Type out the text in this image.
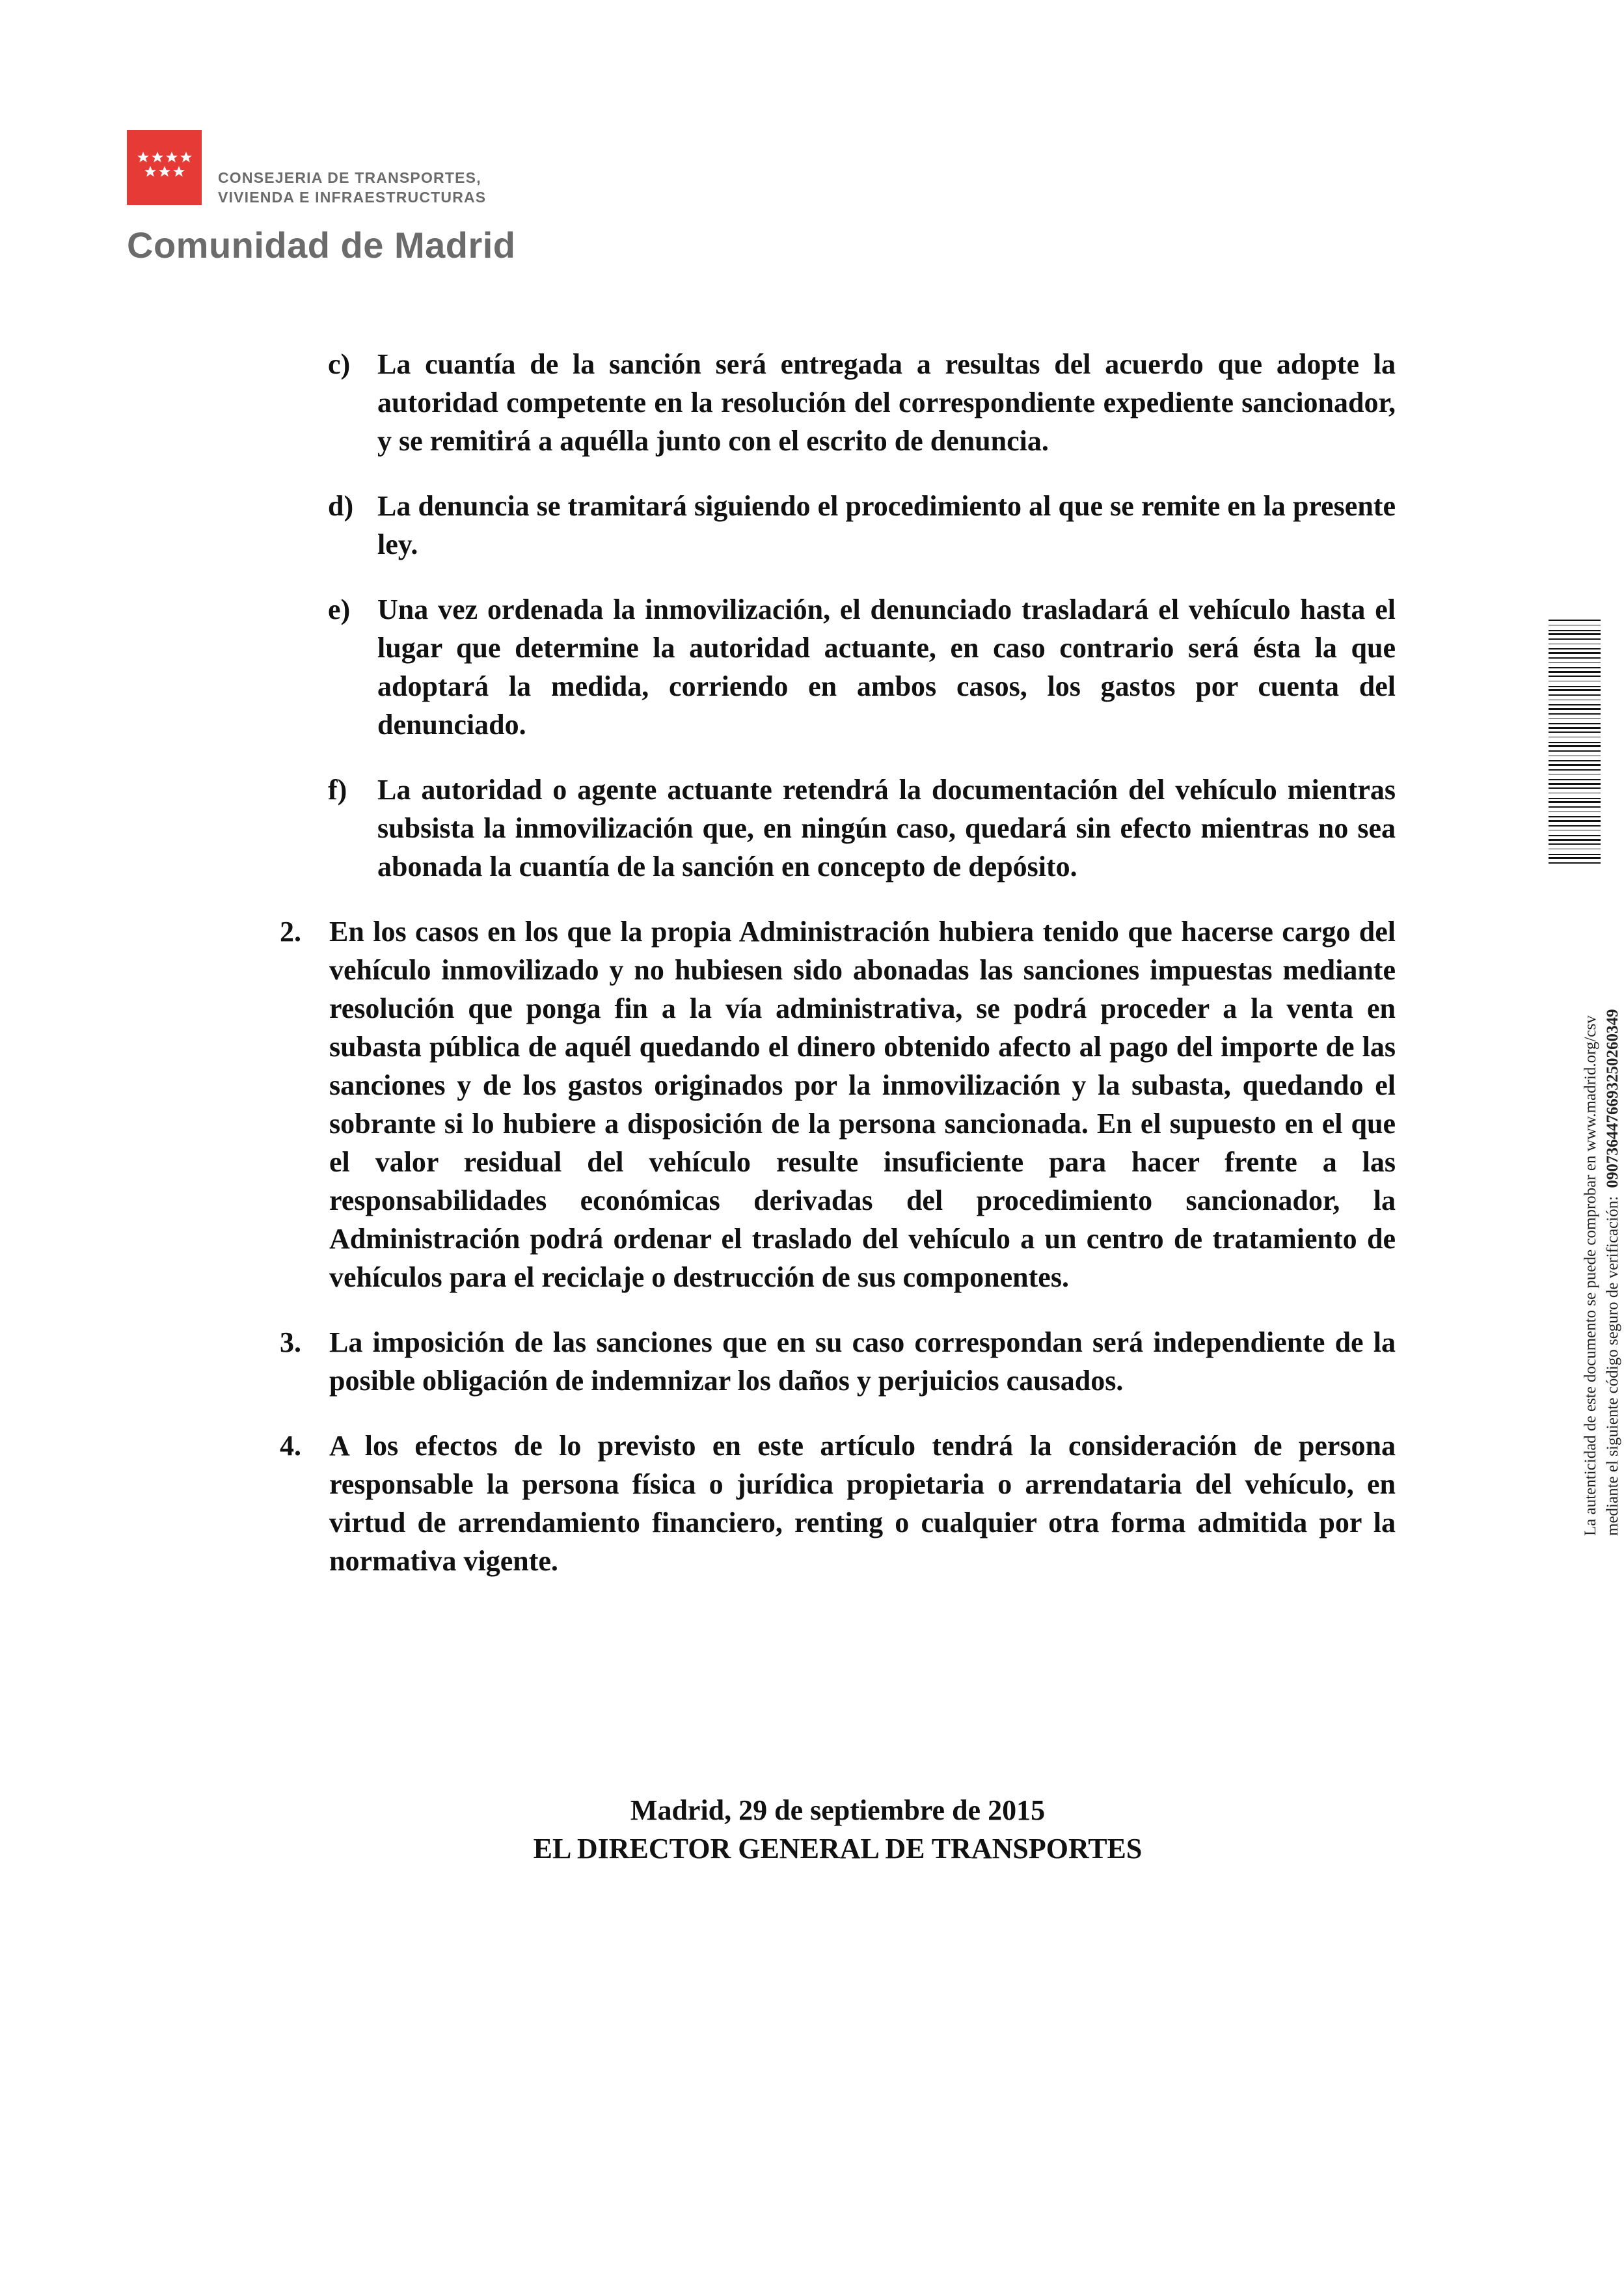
CONSEJERIA DE TRANSPORTES,
VIVIENDA E INFRAESTRUCTURAS
Comunidad de Madrid
c) La cuantía de la sanción será entregada a resultas del acuerdo que adopte la autoridad competente en la resolución del correspondiente expediente sancionador, y se remitirá a aquélla junto con el escrito de denuncia.
d) La denuncia se tramitará siguiendo el procedimiento al que se remite en la presente ley.
e) Una vez ordenada la inmovilización, el denunciado trasladará el vehículo hasta el lugar que determine la autoridad actuante, en caso contrario será ésta la que adoptará la medida, corriendo en ambos casos, los gastos por cuenta del denunciado.
f)	La autoridad o agente actuante retendrá la documentación del vehículo mientras subsista la inmovilización que, en ningún caso, quedará sin efecto mientras no sea abonada la cuantía de la sanción en concepto de depósito.
2. En los casos en los que la propia Administración hubiera tenido que hacerse cargo del vehículo inmovilizado y no hubiesen sido abonadas las sanciones impuestas mediante resolución que ponga fin a la vía administrativa, se podrá proceder a la venta en subasta pública de aquél quedando el dinero obtenido afecto al pago del importe de las sanciones y de los gastos originados por la inmovilización y la subasta, quedando el sobrante si lo hubiere a disposición de la persona sancionada. En el supuesto en el que el valor residual del vehículo resulte insuficiente para hacer frente a las responsabilidades económicas derivadas del procedimiento sancionador, la Administración podrá ordenar el traslado del vehículo a un centro de tratamiento de vehículos para el reciclaje o destrucción de sus componentes.
3. La imposición de las sanciones que en su caso correspondan será independiente de la posible obligación de indemnizar los daños y perjuicios causados.
4. A los efectos de lo previsto en este artículo tendrá la consideración de persona responsable la persona física o jurídica propietaria o arrendataria del vehículo, en virtud de arrendamiento financiero, renting o cualquier otra forma admitida por la normativa vigente.
Madrid, 29 de septiembre de 2015
EL DIRECTOR GENERAL DE TRANSPORTES
La autenticidad de este documento se puede comprobar en www.madrid.org/csv mediante el siguiente código seguro de verificación:  0907364476693250260349
